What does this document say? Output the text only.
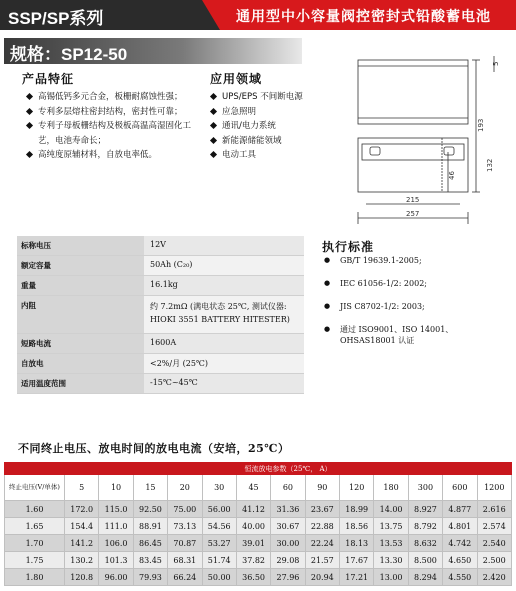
SSP/SP系列	通用型中小容量阀控密封式铅酸蓄电池
规格：SP12-50
产品特征
高锡低钙多元合金，板栅耐腐蚀性强；
专利多层熔柱密封结构，密封性可靠；
专利子母板栅结构及极板高温高湿固化工艺，电池寿命长；
高纯度原辅材料，自放电率低。
应用领域
UPS/EPS 不间断电源
应急照明
通讯/电力系统
新能源储能领域
电动工具
193
5
46
132
215
257
标称电压	12V
额定容量	50Ah (C₂₀)
重量	16.1kg
内阻	约 7.2mΩ (满电状态 25℃, 测试仪器: HIOKI 3551 BATTERY HITESTER)
短路电流	1600A
自放电	<2%/月 (25℃)
适用温度范围	-15℃~45℃
执行标准
● GB/T 19639.1-2005;
● IEC 61056-1/2: 2002;
● JIS C8702-1/2: 2003;
● 通过 ISO9001、ISO 14001、OHSAS18001 认证
不同终止电压、放电时间的放电电流（安培，25℃）
	恒流放电参数（25℃， A）												
终止电压(V/单体)	5	10	15	20	30	45	60	90	120	180	300	600	1200
1.60	172.0	115.0	92.50	75.00	56.00	41.12	31.36	23.67	18.99	14.00	8.927	4.877	2.616
1.65	154.4	111.0	88.91	73.13	54.56	40.00	30.67	22.88	18.56	13.75	8.792	4.801	2.574
1.70	141.2	106.0	86.45	70.87	53.27	39.01	30.00	22.24	18.13	13.53	8.632	4.742	2.540
1.75	130.2	101.3	83.45	68.31	51.74	37.82	29.08	21.57	17.67	13.30	8.500	4.650	2.500
1.80	120.8	96.00	79.93	66.24	50.00	36.50	27.96	20.94	17.21	13.00	8.294	4.550	2.420
